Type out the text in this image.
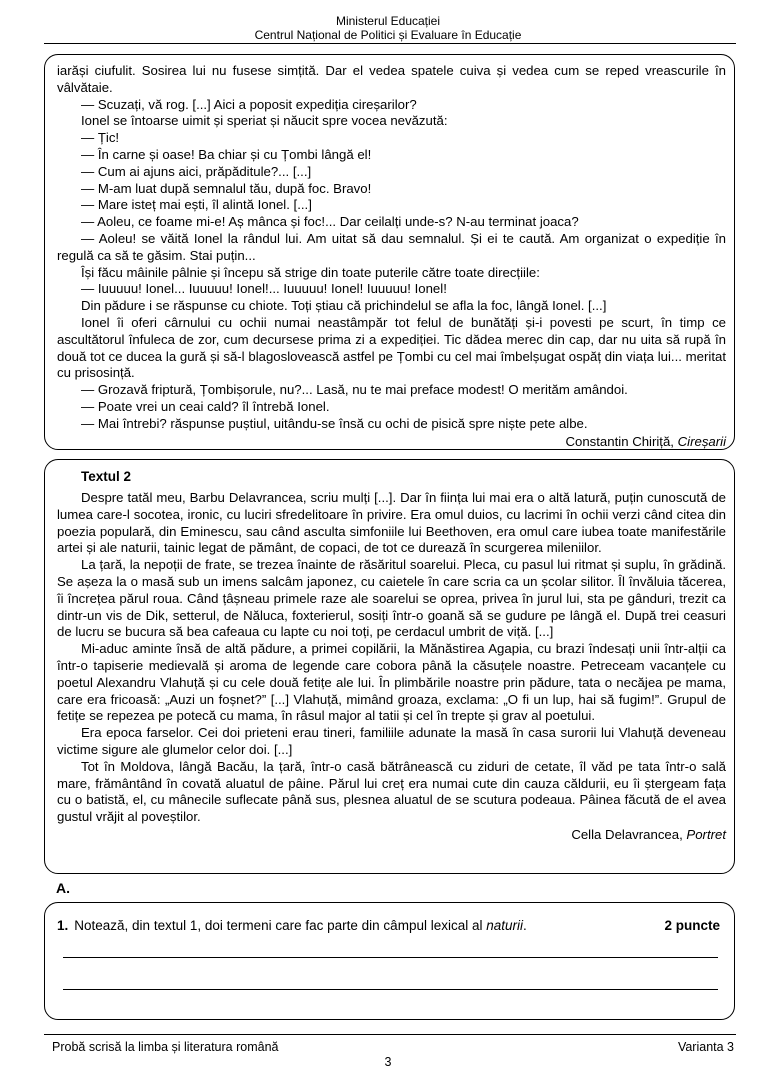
Ministerul Educației
Centrul Național de Politici și Evaluare în Educație

iarăși ciufulit. Sosirea lui nu fusese simțită. Dar el vedea spatele cuiva și vedea cum se reped vreascurile în vâlvătaie.

— Scuzați, vă rog. [...] Aici a poposit expediția cireșarilor?

Ionel se întoarse uimit și speriat și năucit spre vocea nevăzută:

— Țic!

— În carne și oase! Ba chiar și cu Țombi lângă el!

— Cum ai ajuns aici, prăpăditule?... [...]

— M-am luat după semnalul tău, după foc. Bravo!

— Mare isteț mai ești, îl alintă Ionel. [...]

— Aoleu, ce foame mi-e! Aș mânca și foc!... Dar ceilalți unde-s? N-au terminat joaca?

— Aoleu! se văită Ionel la rândul lui. Am uitat să dau semnalul. Și ei te caută. Am organizat o expediție în regulă ca să te găsim. Stai puțin...

Își făcu mâinile pâlnie și începu să strige din toate puterile către toate direcțiile:

— Iuuuuu! Ionel... Iuuuuu! Ionel!... Iuuuuu! Ionel! Iuuuuu! Ionel!

Din pădure i se răspunse cu chiote. Toți știau că prichindelul se afla la foc, lângă Ionel. [...]

Ionel îi oferi cârnului cu ochii numai neastâmpăr tot felul de bunătăți și-i povesti pe scurt, în timp ce ascultătorul înfuleca de zor, cum decursese prima zi a expediției. Tic dădea merec din cap, dar nu uita să rupă în două tot ce ducea la gură și să-l blagoslovească astfel pe Țombi cu cel mai îmbelșugat ospăț din viața lui... meritat cu prisosință.

— Grozavă friptură, Țombișorule, nu?... Lasă, nu te mai preface modest! O merităm amândoi.

— Poate vrei un ceai cald? îl întrebă Ionel.

— Mai întrebi? răspunse puștiul, uitându-se însă cu ochi de pisică spre niște pete albe.

Constantin Chiriță, Cireșarii

Textul 2

Despre tatăl meu, Barbu Delavrancea, scriu mulți [...]. Dar în ființa lui mai era o altă latură, puțin cunoscută de lumea care-l socotea, ironic, cu luciri sfredelitoare în privire. Era omul duios, cu lacrimi în ochii verzi când citea din poezia populară, din Eminescu, sau când asculta simfoniile lui Beethoven, era omul care iubea toate manifestările artei și ale naturii, tainic legat de pământ, de copaci, de tot ce durează în scurgerea mileniilor.

La țară, la nepoții de frate, se trezea înainte de răsăritul soarelui. Pleca, cu pasul lui ritmat și suplu, în grădină. Se așeza la o masă sub un imens salcâm japonez, cu caietele în care scria ca un școlar silitor. Îl învăluia tăcerea, îi încrețea părul roua. Când țâșneau primele raze ale soarelui se oprea, privea în jurul lui, sta pe gânduri, trezit ca dintr-un vis de Dik, setterul, de Năluca, foxterierul, sosiți într-o goană să se gudure pe lângă el. După trei ceasuri de lucru se bucura să bea cafeaua cu lapte cu noi toți, pe cerdacul umbrit de viță. [...]

Mi-aduc aminte însă de altă pădure, a primei copilării, la Mănăstirea Agapia, cu brazi îndesați unii într-alții ca într-o tapiserie medievală și aroma de legende care cobora până la căsuțele noastre. Petreceam vacanțele cu poetul Alexandru Vlahuță și cu cele două fetițe ale lui. În plimbările noastre prin pădure, tata o necăjea pe mama, care era fricoasă: „Auzi un foșnet?” [...] Vlahuță, mimând groaza, exclama: „O fi un lup, hai să fugim!”. Grupul de fetițe se repezea pe potecă cu mama, în râsul major al tatii și cel în trepte și grav al poetului.

Era epoca farselor. Cei doi prieteni erau tineri, familiile adunate la masă în casa surorii lui Vlahuță deveneau victime sigure ale glumelor celor doi. [...]

Tot în Moldova, lângă Bacău, la țară, într-o casă bătrânească cu ziduri de cetate, îl văd pe tata într-o sală mare, frământând în covată aluatul de pâine. Părul lui creț era numai cute din cauza căldurii, eu îi ștergeam fața cu o batistă, el, cu mânecile suflecate până sus, plesnea aluatul de se scutura podeaua. Pâinea făcută de el avea gustul vrăjit al poveștilor.

Cella Delavrancea, Portret

A.
1. Notează, din textul 1, doi termeni care fac parte din câmpul lexical al naturii.	2 puncte
Probă scrisă la limba și literatura română	Varianta 3
3
